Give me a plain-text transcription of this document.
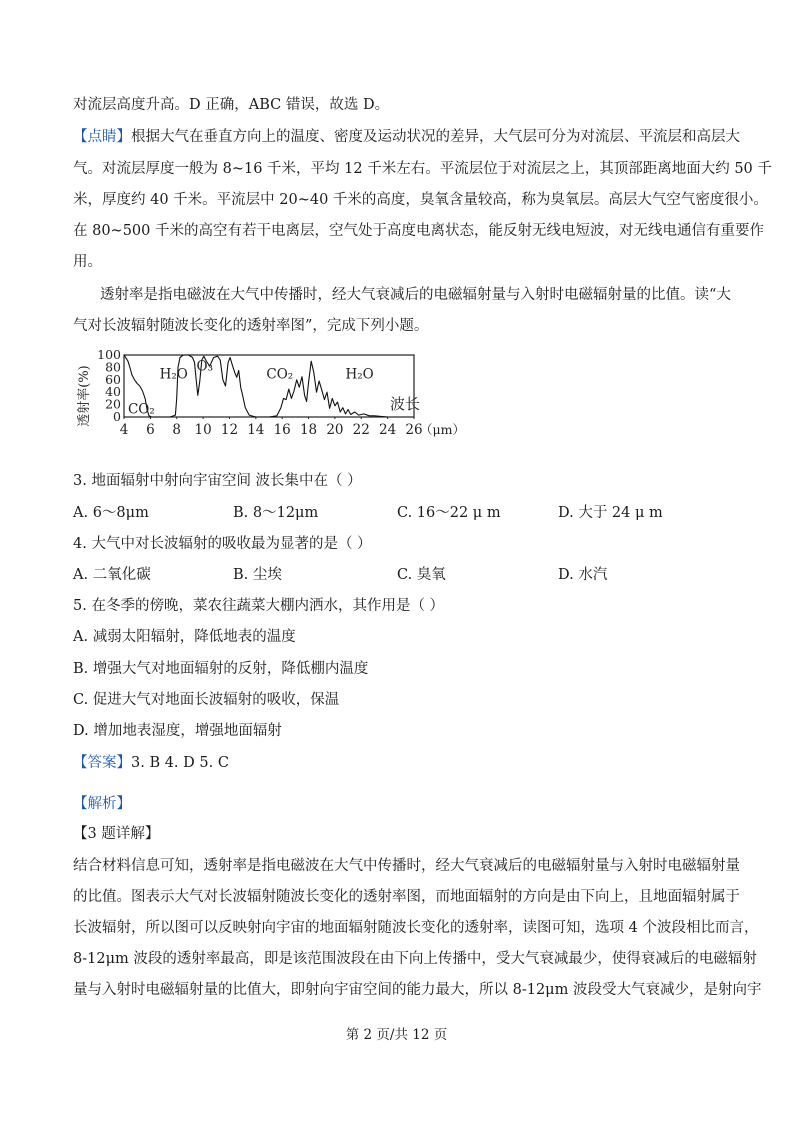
对流层高度升高。D 正确，ABC 错误，故选 D。
【点睛】根据大气在垂直方向上的温度、密度及运动状况的差异，大气层可分为对流层、平流层和高层大
气。对流层厚度一般为 8~16 千米，平均 12 千米左右。平流层位于对流层之上，其顶部距离地面大约 50 千
米，厚度约 40 千米。平流层中 20~40 千米的高度，臭氧含量较高，称为臭氧层。高层大气空气密度很小。
在 80~500 千米的高空有若干电离层，空气处于高度电离状态，能反射无线电短波，对无线电通信有重要作
用。
透射率是指电磁波在大气中传播时，经大气衰减后的电磁辐射量与入射时电磁辐射量的比值。读“大
气对长波辐射随波长变化的透射率图”，完成下列小题。
0
20
40
60
80
100
4 6 8 10 12 14 16 18 20 22 24 26
透射率(%)	波长
（μm）
H₂O
CO₂
O₃
CO₂	H₂O
3. 地面辐射中射向宇宙空间 波长集中在（ ）
A. 6～8μm	B. 8～12μm	C. 16～22 μ m	D. 大于 24 μ m
4. 大气中对长波辐射的吸收最为显著的是（ ）
A. 二氧化碳	B. 尘埃	C. 臭氧	D. 水汽
5. 在冬季的傍晚，菜农往蔬菜大棚内洒水，其作用是（ ）
A. 减弱太阳辐射，降低地表的温度
B. 增强大气对地面辐射的反射，降低棚内温度
C. 促进大气对地面长波辐射的吸收，保温
D. 增加地表湿度，增强地面辐射
【答案】3. B 4. D 5. C
【解析】
【3 题详解】
结合材料信息可知，透射率是指电磁波在大气中传播时，经大气衰减后的电磁辐射量与入射时电磁辐射量
的比值。图表示大气对长波辐射随波长变化的透射率图，而地面辐射的方向是由下向上，且地面辐射属于
长波辐射，所以图可以反映射向宇宙的地面辐射随波长变化的透射率，读图可知，选项 4 个波段相比而言，
8-12μm 波段的透射率最高，即是该范围波段在由下向上传播中，受大气衰减最少，使得衰减后的电磁辐射
量与入射时电磁辐射量的比值大，即射向宇宙空间的能力最大，所以 8-12μm 波段受大气衰减少，是射向宇
第 2 页/共 12 页
